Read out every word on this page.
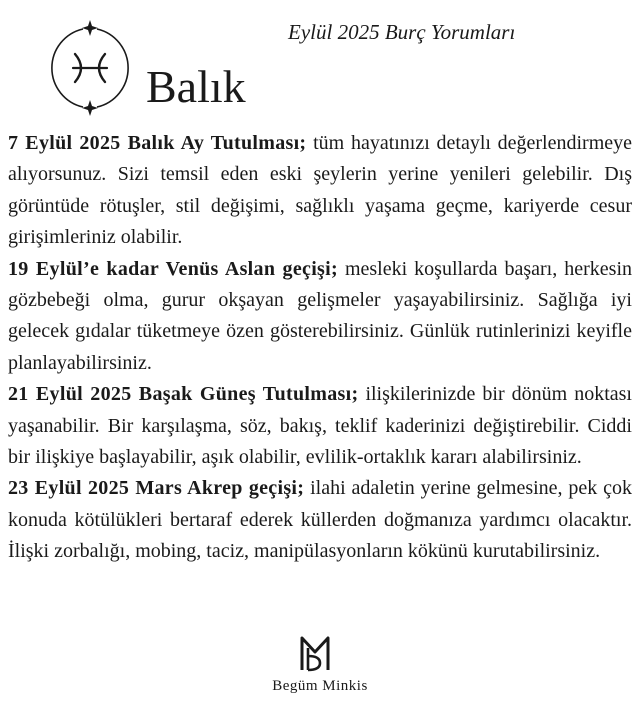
Balık
Eylül 2025 Burç Yorumları

7 Eylül 2025 Balık Ay Tutulması; tüm hayatınızı detaylı değerlendirmeye alıyorsunuz. Sizi temsil eden eski şeylerin yerine yenileri gelebilir. Dış görüntüde rötuşler, stil değişimi, sağlıklı yaşama geçme, kariyerde cesur girişimleriniz olabilir.

19 Eylül’e kadar Venüs Aslan geçişi; mesleki koşullarda başarı, herkesin gözbebeği olma, gurur okşayan gelişmeler yaşayabilirsiniz. Sağlığa iyi gelecek gıdalar tüketmeye özen gösterebilirsiniz. Günlük rutinlerinizi keyifle planlayabilirsiniz.

21 Eylül 2025 Başak Güneş Tutulması; ilişkilerinizde bir dönüm noktası yaşanabilir. Bir karşılaşma, söz, bakış, teklif kaderinizi değiştirebilir. Ciddi bir ilişkiye başlayabilir, aşık olabilir, evlilik-ortaklık kararı alabilirsiniz.

23 Eylül 2025 Mars Akrep geçişi; ilahi adaletin yerine gelmesine, pek çok konuda kötülükleri bertaraf ederek küllerden doğmanıza yardımcı olacaktır. İlişki zorbalığı, mobing, taciz, manipülasyonların kökünü kurutabilirsiniz.

Begüm Minkis
